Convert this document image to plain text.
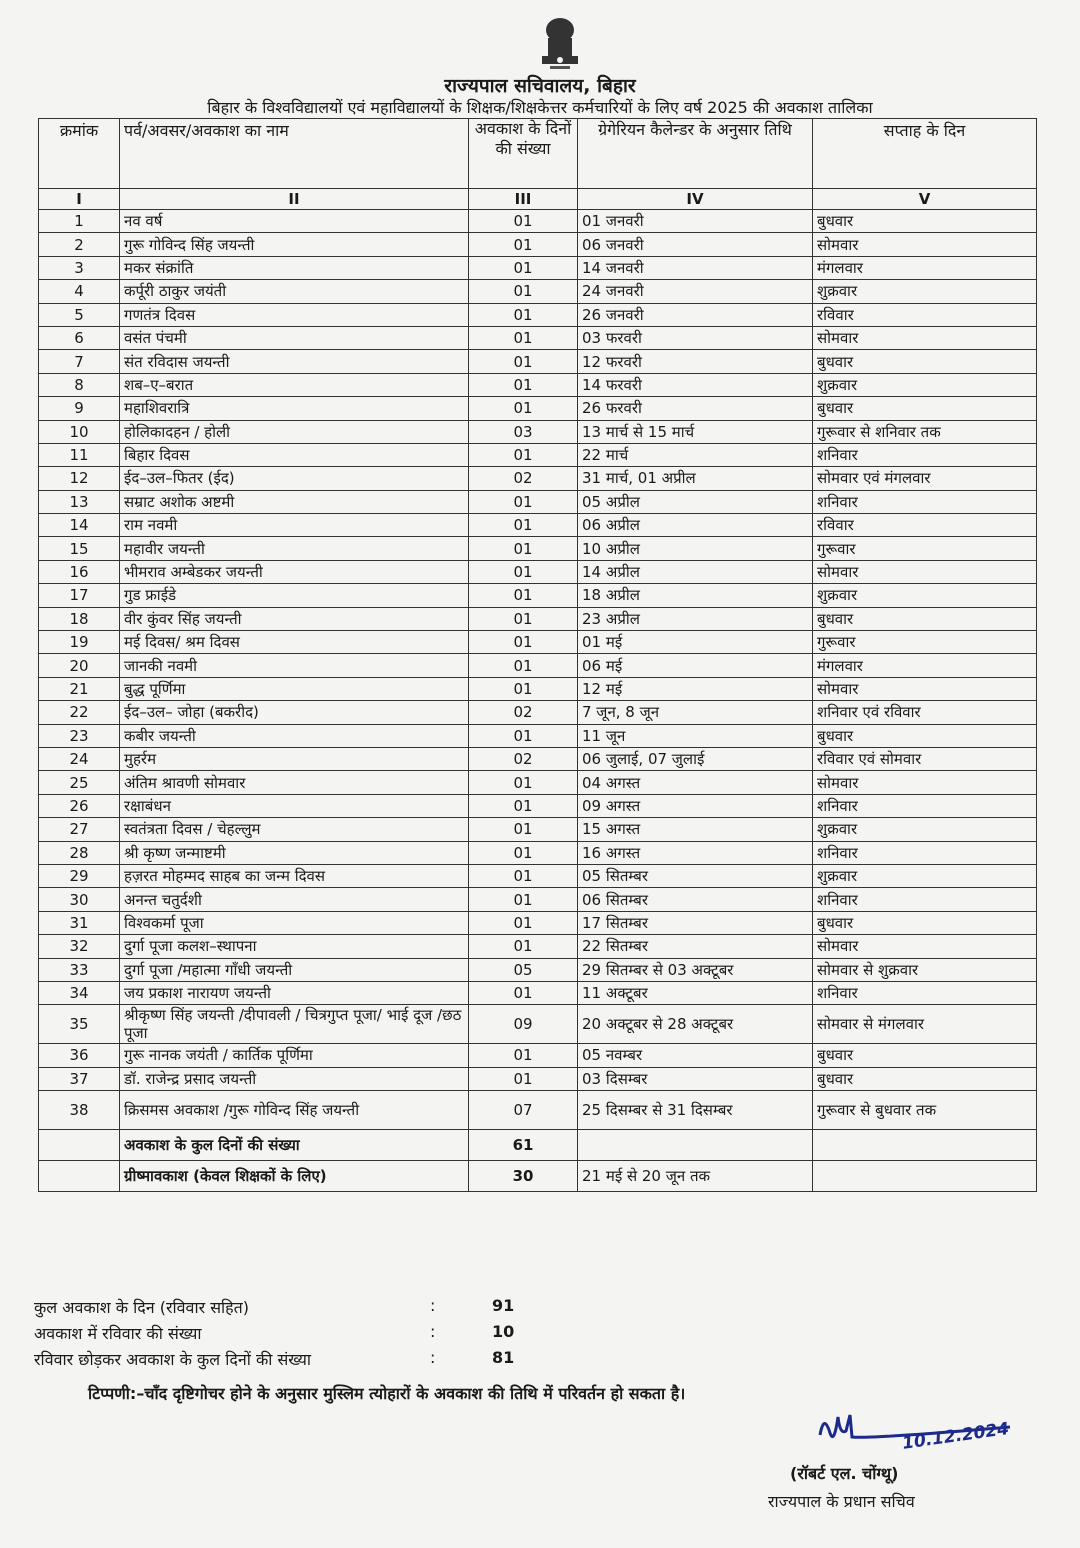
राज्यपाल सचिवालय, बिहार
बिहार के विश्वविद्यालयों एवं महाविद्यालयों के शिक्षक/शिक्षकेत्तर कर्मचारियों के लिए वर्ष 2025 की अवकाश तालिका
क्रमांक	पर्व/अवसर/अवकाश का नाम	अवकाश के दिनों की संख्या	ग्रेगेरियन कैलेन्डर के अनुसार तिथि	सप्ताह के दिन
I	II	III	IV	V
1	नव वर्ष	01	01 जनवरी	बुधवार
2	गुरू गोविन्द सिंह जयन्ती	01	06 जनवरी	सोमवार
3	मकर संक्रांति	01	14 जनवरी	मंगलवार
4	कर्पूरी ठाकुर जयंती	01	24 जनवरी	शुक्रवार
5	गणतंत्र दिवस	01	26 जनवरी	रविवार
6	वसंत पंचमी	01	03 फरवरी	सोमवार
7	संत रविदास जयन्ती	01	12 फरवरी	बुधवार
8	शब–ए–बरात	01	14 फरवरी	शुक्रवार
9	महाशिवरात्रि	01	26 फरवरी	बुधवार
10	होलिकादहन / होली	03	13 मार्च से 15 मार्च	गुरूवार से शनिवार तक
11	बिहार दिवस	01	22 मार्च	शनिवार
12	ईद–उल–फितर (ईद)	02	31 मार्च, 01 अप्रील	सोमवार एवं मंगलवार
13	सम्राट अशोक अष्टमी	01	05 अप्रील	शनिवार
14	राम नवमी	01	06 अप्रील	रविवार
15	महावीर जयन्ती	01	10 अप्रील	गुरूवार
16	भीमराव अम्बेडकर जयन्ती	01	14 अप्रील	सोमवार
17	गुड फ्राईडे	01	18 अप्रील	शुक्रवार
18	वीर कुंवर सिंह जयन्ती	01	23 अप्रील	बुधवार
19	मई दिवस/ श्रम दिवस	01	01 मई	गुरूवार
20	जानकी नवमी	01	06 मई	मंगलवार
21	बुद्ध पूर्णिमा	01	12 मई	सोमवार
22	ईद–उल– जोहा (बकरीद)	02	7 जून, 8 जून	शनिवार एवं रविवार
23	कबीर जयन्ती	01	11 जून	बुधवार
24	मुहर्रम	02	06 जुलाई, 07 जुलाई	रविवार एवं सोमवार
25	अंतिम श्रावणी सोमवार	01	04 अगस्त	सोमवार
26	रक्षाबंधन	01	09 अगस्त	शनिवार
27	स्वतंत्रता दिवस / चेहल्लुम	01	15 अगस्त	शुक्रवार
28	श्री कृष्ण जन्माष्टमी	01	16 अगस्त	शनिवार
29	हज़रत मोहम्मद साहब का जन्म दिवस	01	05 सितम्बर	शुक्रवार
30	अनन्त चतुर्दशी	01	06 सितम्बर	शनिवार
31	विश्वकर्मा पूजा	01	17 सितम्बर	बुधवार
32	दुर्गा पूजा कलश–स्थापना	01	22 सितम्बर	सोमवार
33	दुर्गा पूजा /महात्मा गाँधी जयन्ती	05	29 सितम्बर से 03 अक्टूबर	सोमवार से शुक्रवार
34	जय प्रकाश नारायण जयन्ती	01	11 अक्टूबर	शनिवार
35	श्रीकृष्ण सिंह जयन्ती /दीपावली / चित्रगुप्त पूजा/ भाई दूज /छठ पूजा	09	20 अक्टूबर से 28 अक्टूबर	सोमवार से मंगलवार
36	गुरू नानक जयंती / कार्तिक पूर्णिमा	01	05 नवम्बर	बुधवार
37	डॉ. राजेन्द्र प्रसाद जयन्ती	01	03 दिसम्बर	बुधवार
38	क्रिसमस अवकाश /गुरू गोविन्द सिंह जयन्ती	07	25 दिसम्बर से 31 दिसम्बर	गुरूवार से बुधवार तक
	अवकाश के कुल दिनों की संख्या	61		
	ग्रीष्मावकाश (केवल शिक्षकों के लिए)	30	21 मई से 20 जून तक	
कुल अवकाश के दिन (रविवार सहित)	:	91
अवकाश में रविवार की संख्या	:	10
रविवार छोड़कर अवकाश के कुल दिनों की संख्या	:	81
टिप्पणी:–चाँद दृष्टिगोचर होने के अनुसार मुस्लिम त्योहारों के अवकाश की तिथि में परिवर्तन हो सकता है।
10.12.2024
(रॉबर्ट एल. चोंग्थू)
राज्यपाल के प्रधान सचिव
